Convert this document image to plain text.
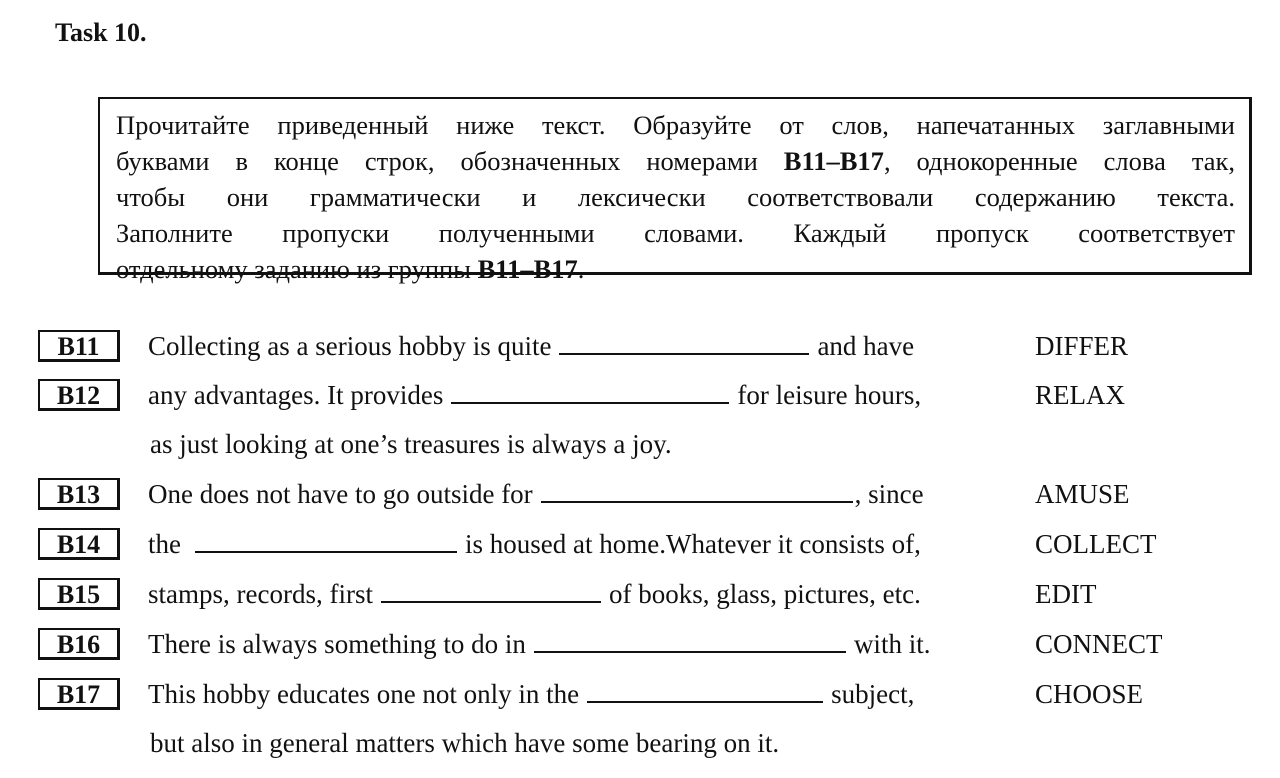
Task 10.
Прочитайте приведенный ниже текст. Образуйте от слов, напечатанных заглавными
буквами в конце строк, обозначенных номерами B11–B17, однокоренные слова так,
чтобы они грамматически и лексически соответствовали содержанию текста.
Заполните пропуски полученными словами. Каждый пропуск соответствует
отдельному заданию из группы B11–B17.
B11	Collecting as a serious hobby is quite	and have	DIFFER
B12	any advantages. It provides	for leisure hours,	RELAX
as just looking at one’s treasures is always a joy.
B13	One does not have to go outside for	, since	AMUSE
B14	the	is housed at home.Whatever it consists of,	COLLECT
B15	stamps, records, first	of books, glass, pictures, etc.	EDIT
B16	There is always something to do in	with it.	CONNECT
B17	This hobby educates one not only in the	subject,	CHOOSE
but also in general matters which have some bearing on it.
